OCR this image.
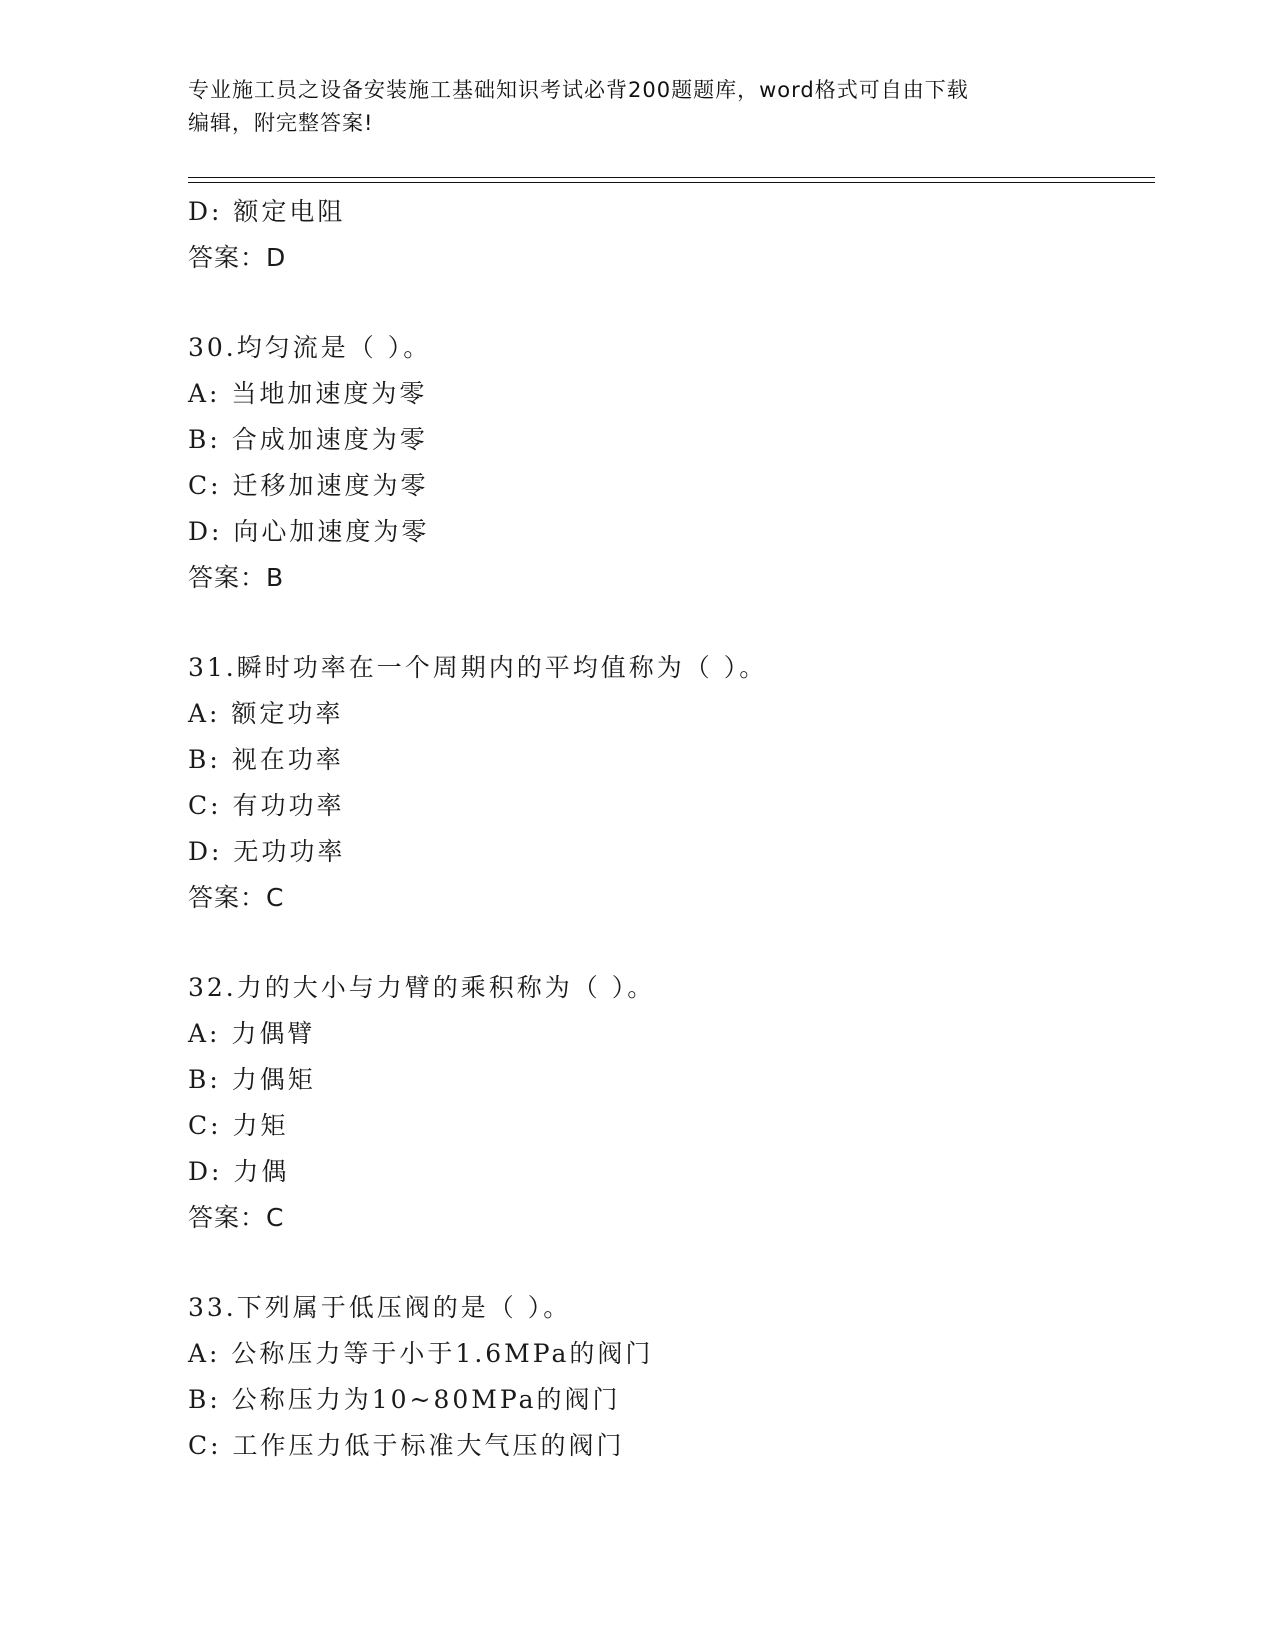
专业施工员之设备安装施工基础知识考试必背200题题库，word格式可自由下载
编辑，附完整答案!
D: 额定电阻
答案：D
30.均匀流是（ ）。
A: 当地加速度为零
B: 合成加速度为零
C: 迁移加速度为零
D: 向心加速度为零
答案：B
31.瞬时功率在一个周期内的平均值称为（ ）。
A: 额定功率
B: 视在功率
C: 有功功率
D: 无功功率
答案：C
32.力的大小与力臂的乘积称为（ ）。
A: 力偶臂
B: 力偶矩
C: 力矩
D: 力偶
答案：C
33.下列属于低压阀的是（ ）。
A: 公称压力等于小于1.6MPa的阀门
B: 公称压力为10~80MPa的阀门
C: 工作压力低于标准大气压的阀门
